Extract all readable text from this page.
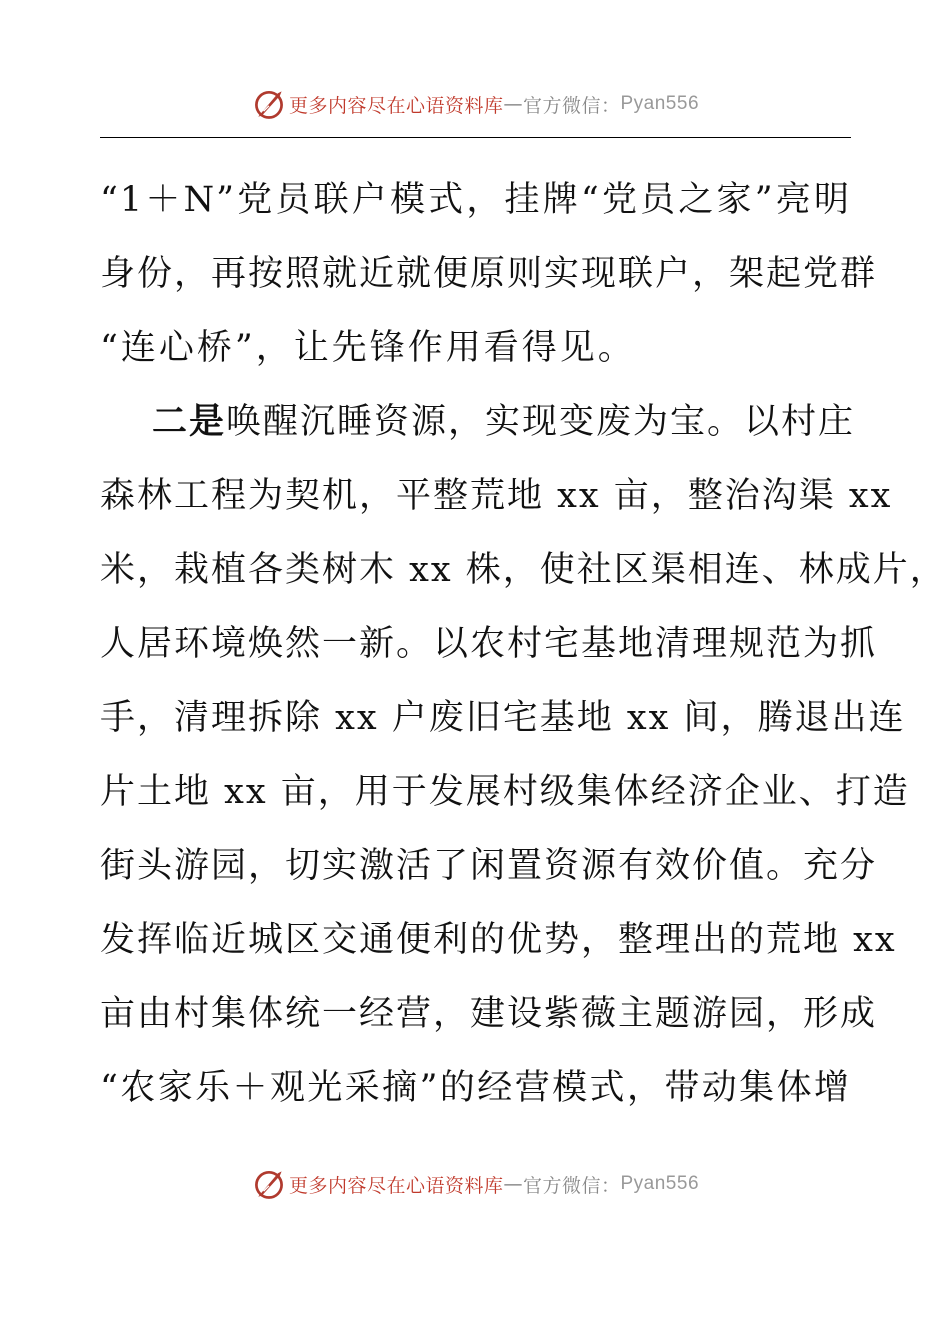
更多内容尽在心语资料库 — 官方微信： Pyan556
“1＋N”党员联户模式，挂牌“党员之家”亮明
身份，再按照就近就便原则实现联户，架起党群
“连心桥”，让先锋作用看得见。
二是唤醒沉睡资源，实现变废为宝。以村庄
森林工程为契机，平整荒地 xx 亩，整治沟渠 xx
米，栽植各类树木 xx 株，使社区渠相连、林成片，
人居环境焕然一新。以农村宅基地清理规范为抓
手，清理拆除 xx 户废旧宅基地 xx 间，腾退出连
片土地 xx 亩，用于发展村级集体经济企业、打造
街头游园，切实激活了闲置资源有效价值。充分
发挥临近城区交通便利的优势，整理出的荒地 xx
亩由村集体统一经营，建设紫薇主题游园，形成
“农家乐＋观光采摘”的经营模式，带动集体增
更多内容尽在心语资料库 — 官方微信： Pyan556
